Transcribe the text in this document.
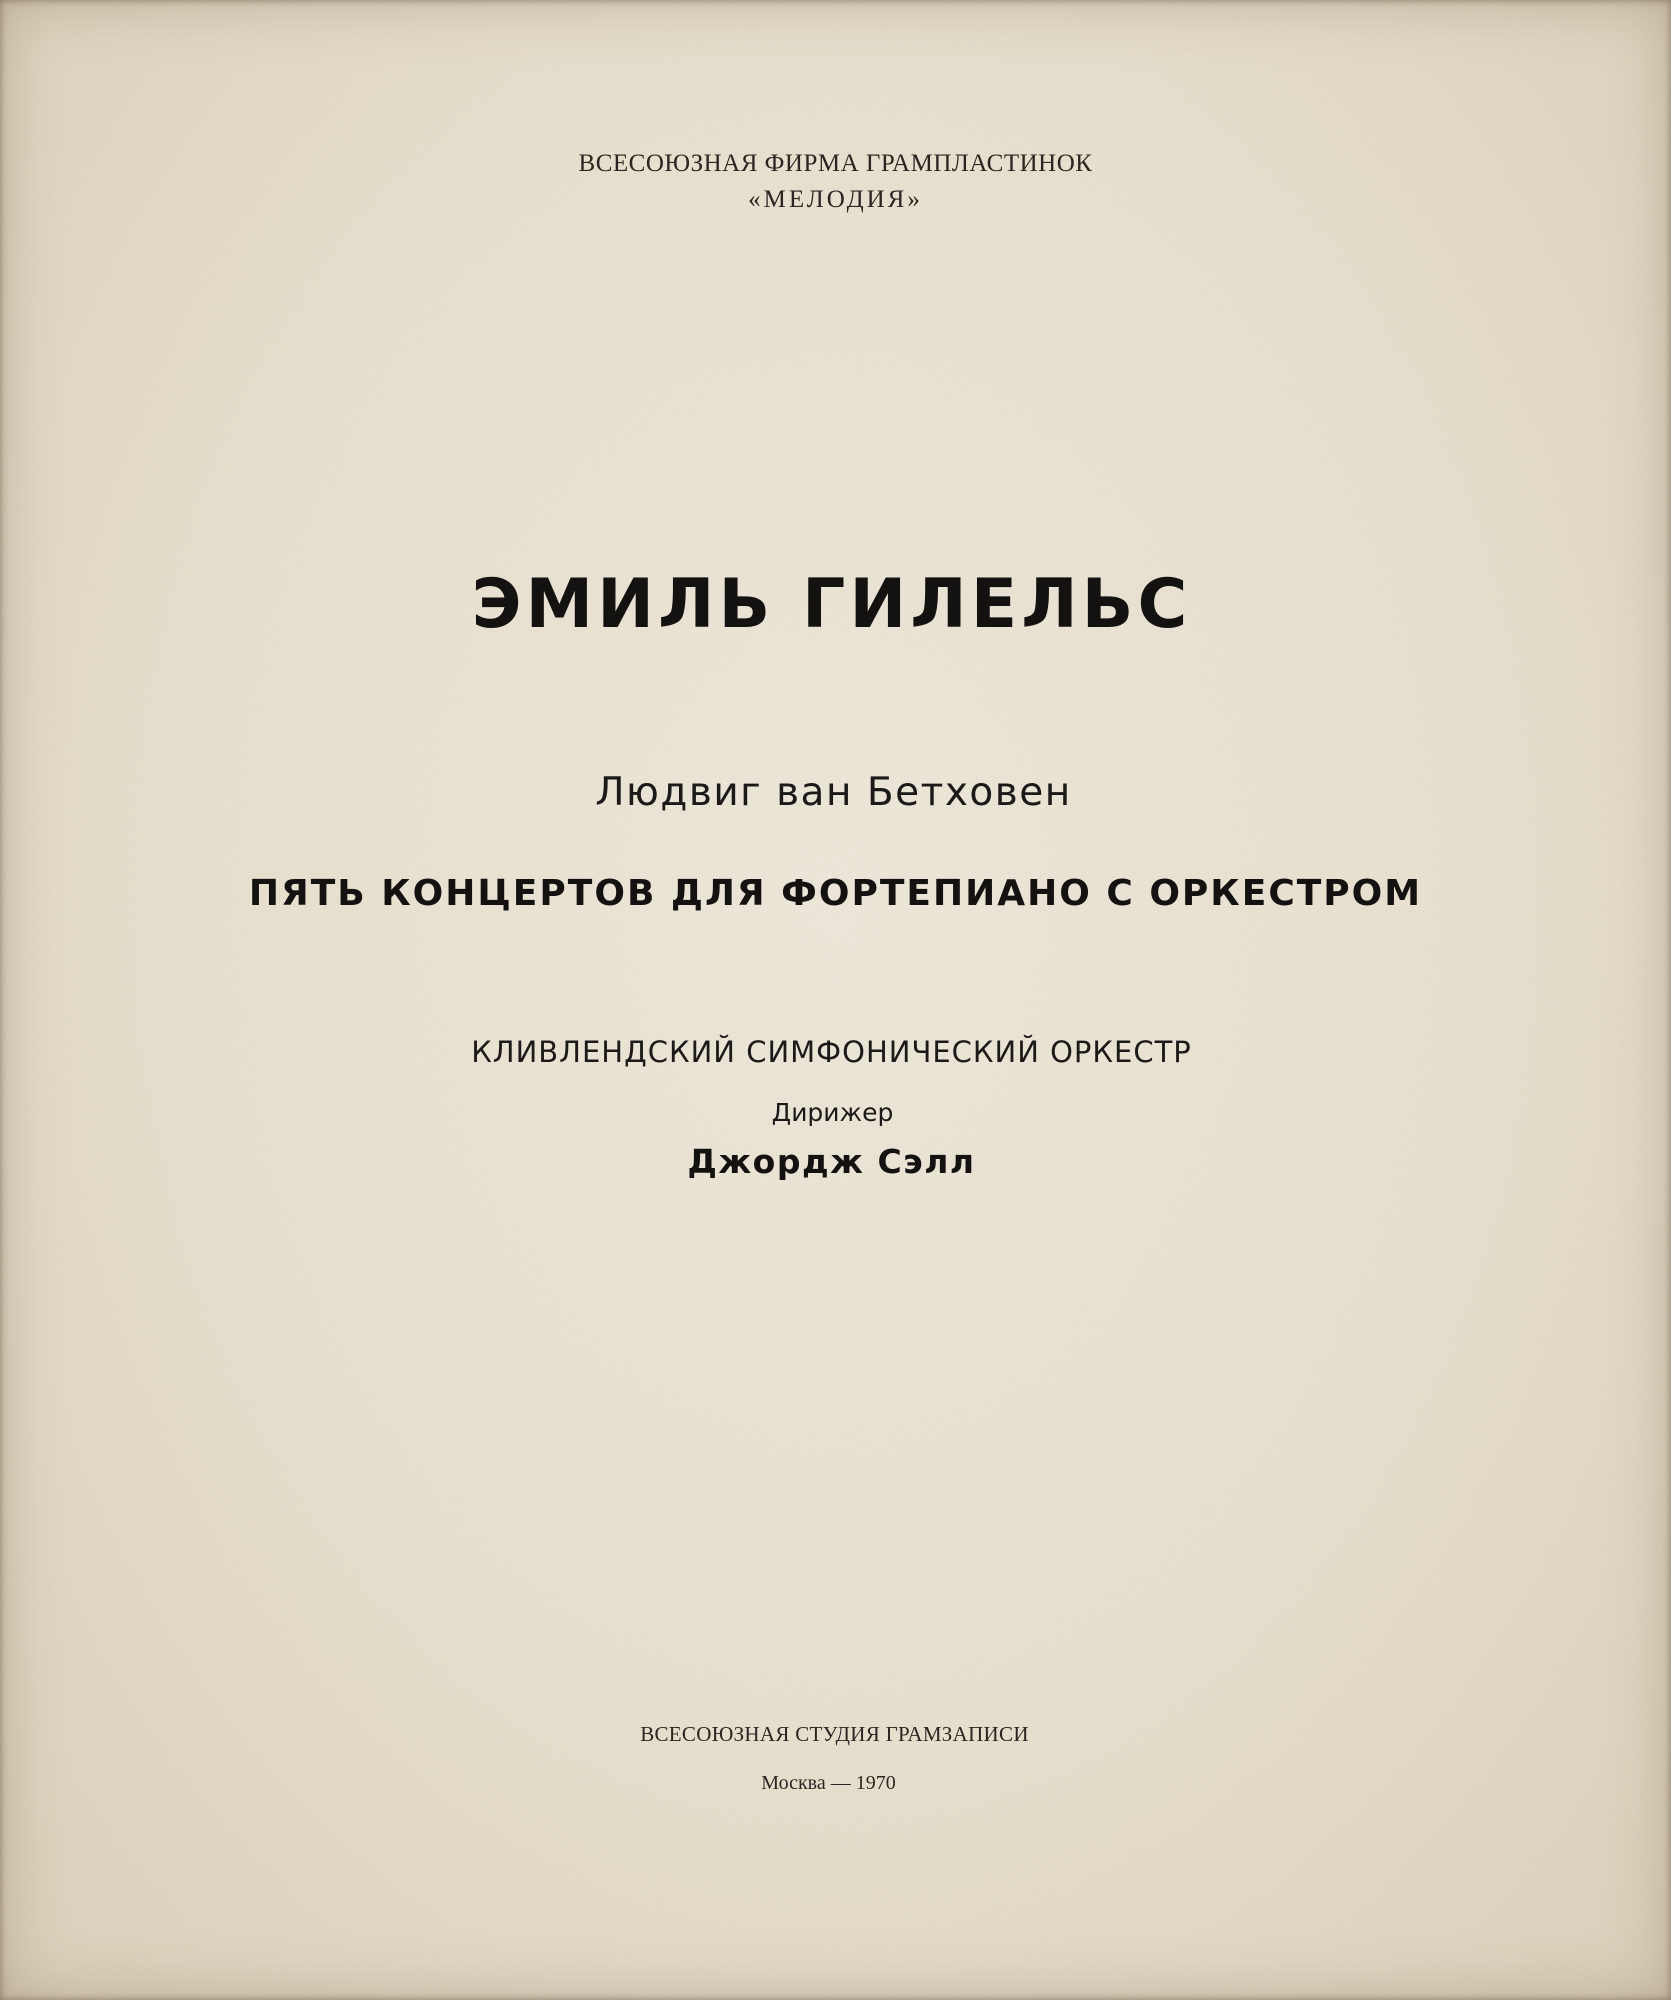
ВСЕСОЮЗНАЯ ФИРМА ГРАМПЛАСТИНОК
«МЕЛОДИЯ»
ЭМИЛЬ ГИЛЕЛЬС
Людвиг ван Бетховен
ПЯТЬ КОНЦЕРТОВ ДЛЯ ФОРТЕПИАНО С ОРКЕСТРОМ
КЛИВЛЕНДСКИЙ СИМФОНИЧЕСКИЙ ОРКЕСТР
Дирижер
Джордж Сэлл
ВСЕСОЮЗНАЯ СТУДИЯ ГРАМЗАПИСИ
Москва — 1970
